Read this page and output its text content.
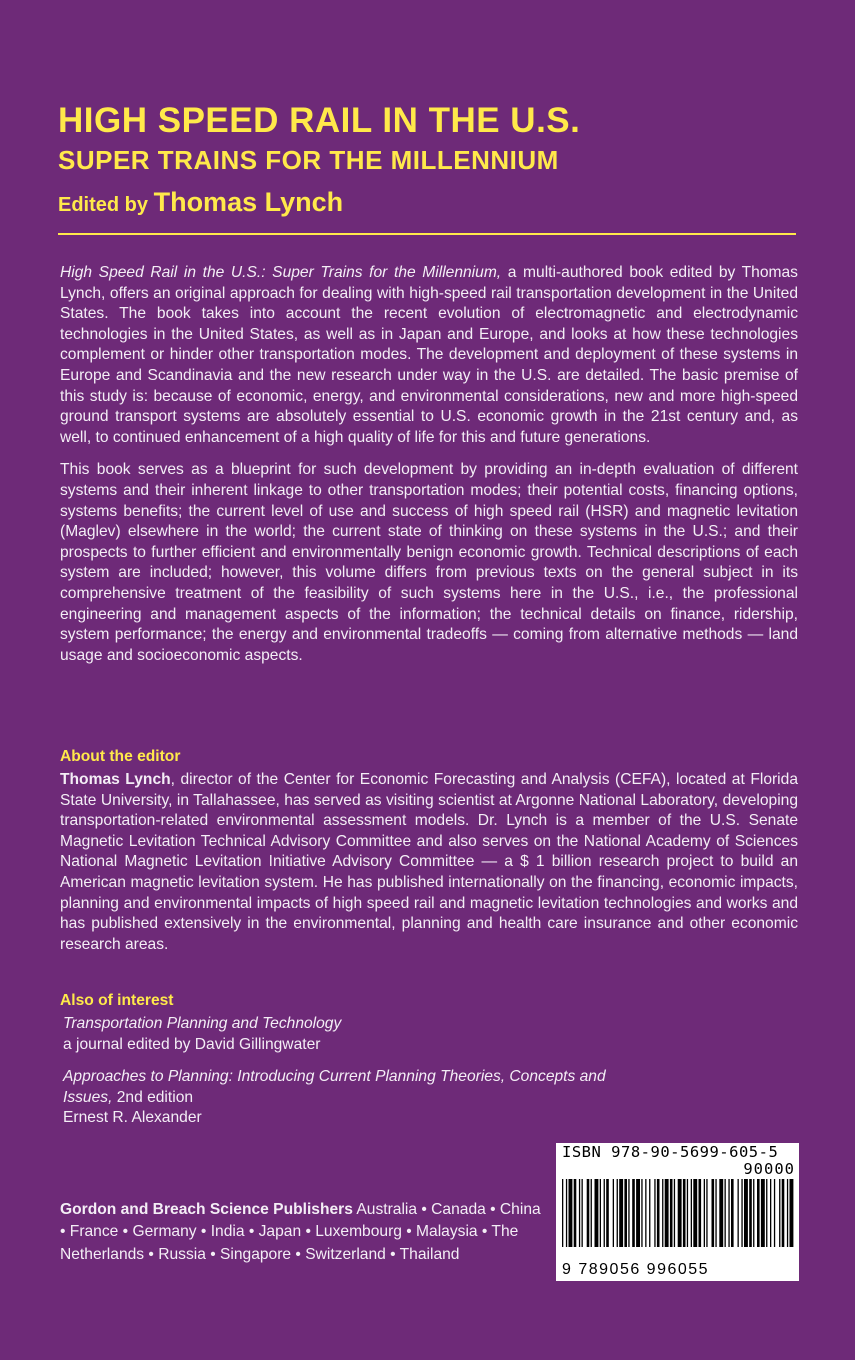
HIGH SPEED RAIL IN THE U.S.
SUPER TRAINS FOR THE MILLENNIUM
Edited by Thomas Lynch

High Speed Rail in the U.S.: Super Trains for the Millennium, a multi-authored book edited by Thomas Lynch, offers an original approach for dealing with high-speed rail transportation development in the United States. The book takes into account the recent evolution of electromagnetic and electrodynamic technologies in the United States, as well as in Japan and Europe, and looks at how these technologies complement or hinder other transportation modes. The development and deployment of these systems in Europe and Scandinavia and the new research under way in the U.S. are detailed. The basic premise of this study is: because of economic, energy, and environmental considerations, new and more high-speed ground transport systems are absolutely essential to U.S. economic growth in the 21st century and, as well, to continued enhancement of a high quality of life for this and future generations.

This book serves as a blueprint for such development by providing an in-depth evaluation of different systems and their inherent linkage to other transportation modes; their potential costs, financing options, systems benefits; the current level of use and success of high speed rail (HSR) and magnetic levitation (Maglev) elsewhere in the world; the current state of thinking on these systems in the U.S.; and their prospects to further efficient and environmentally benign economic growth. Technical descriptions of each system are included; however, this volume differs from previous texts on the general subject in its comprehensive treatment of the feasibility of such systems here in the U.S., i.e., the professional engineering and management aspects of the information; the technical details on finance, ridership, system performance; the energy and environmental tradeoffs — coming from alternative methods — land usage and socioeconomic aspects.

About the editor
Thomas Lynch, director of the Center for Economic Forecasting and Analysis (CEFA), located at Florida State University, in Tallahassee, has served as visiting scientist at Argonne National Laboratory, developing transportation-related environmental assessment models. Dr. Lynch is a member of the U.S. Senate Magnetic Levitation Technical Advisory Committee and also serves on the National Academy of Sciences National Magnetic Levitation Initiative Advisory Committee — a $ 1 billion research project to build an American magnetic levitation system. He has published internationally on the financing, economic impacts, planning and environmental impacts of high speed rail and magnetic levitation technologies and works and has published extensively in the environmental, planning and health care insurance and other economic research areas.
Also of interest
Transportation Planning and Technology
a journal edited by David Gillingwater
Approaches to Planning: Introducing Current Planning Theories, Concepts and Issues, 2nd edition
Ernest R. Alexander
Gordon and Breach Science Publishers Australia • Canada • China • France • Germany • India • Japan • Luxembourg • Malaysia • The Netherlands • Russia • Singapore • Switzerland • Thailand
ISBN 978-90-5699-605-5
90000
9 789056 996055
